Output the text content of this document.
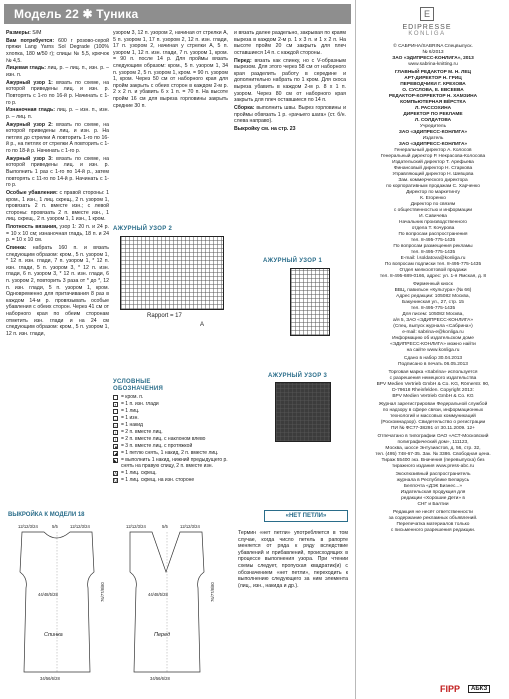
Модель 22 ✱ Туника

Размеры: S/M

Вам потребуется: 600 г розово-серой пряжи Lang Yarns Sol Degrade (100% хлопка, 180 м/50 г); спицы № 5,5, крючок № 4,5.

Лицевая гладь: лиц. р. – лиц. п., изн. р. – изн. п.

Ажурный узор 1: вязать по схеме, на которой приведены лиц. и изн. р. Повторять с 1-го по 16-й р. Начинать с 1-го р.

Изнаночная гладь: лиц. р. – изн. п., изн. р. – лиц. п.

Ажурный узор 2: вязать по схеме, на которой приведены лиц. и изн. р. На петлях до стрелки А повторить 1-го по 16-й р., на петлях от стрелки А повторить с 1-го по 18-й р. Начинать с 1-го р.

Ажурный узор 3: вязать по схеме, на которой приведены лиц. и изн. р. Выполнить 1 раз с 1-го по 14-й р., затем повторять с 11-го по 14-й р. Начинать с 1-го р.

Особые убавления: с правой стороны: 1 кром., 1 изн., 1 лиц. скрещ., 2 п. узором 1, провязать 2 п. вместе изн.; с левой стороны: провязать 2 п. вместе изн., 1 лиц. скрещ., 2 п. узором 1, 1 изн., 1 кром.

Плотность вязания, узор 1: 20 п. и 24 р. = 10 х 10 см; изнаночная гладь, 18 п. и 24 р. = 10 х 10 см.

Спинка: набрать 160 п. и вязать следующим образом: кром., 5 п. узором 1, * 12 п. изн. глади, 7 п. узором 1, * 12 п. изн. глади, 5 п. узором 3, * 12 п. изн. глади, 6 п. узором 3, * 12 п. изн. глади, 6 п. узором 2, повторить 3 раза от * до *, 12 п. изн. глади, 5 п. узором 1, кром. Одновременно для притачивания 8 раз в каждом 14-м р. провязывать особые убавления с обеих сторон. Через 41 см от наборного края по обеим сторонам отметить изн. глади и на 24 см следующим образом: кром., 5 п. узором 1, 12 п. изн. глади,

узором 3, 12 п. узором 2, начиная от стрелки А, 5 п. узором 1, 17 п. узором 2, 12 п. изн. глади, 17 п. узором 2, начиная у стрелки А, 5 п. узором 1, 12 п. изн. глади, 7 п. узором 1, кром. = 90 п. после 14 р. Для проймы вязать следующим образом: кром., 5 п. узором 1, 34 п. узором 2, 5 п. узором 1, кром. = 90 п. узором 1, кром. Через 50 см от наборного края для пройм закрыть с обеих сторон в каждом 2-м р. 2 х 2 п. и убавить 6 х 1 п. = 70 п. На высоте пройм 16 см для выреза горловины закрыть средние 30 п.

и вязать далее раздельно, закрывая по краям выреза в каждом 2-м р. 1 х 3 п. и 1 х 2 п. На высоте пройм 20 см закрыть для плеч оставшиеся 14 п. с каждой стороны.

Перед: вязать как спинку, но с V-образным вырезом. Для этого через 58 см от наборного края разделить работу в середине и дополнительно набрать по 1 кром. Для скоса выреза убавить в каждом 2-м р. 8 х 1 п. узором. Через 80 см от наборного края закрыть для плеч оставшиеся по 14 п.

Сборка: выполнить швы. Вырез горловины и проймы обвязать 1 р. «рачьего шага» (ст. б/н. слева направо).

Выкройку см. на стр. 23

АЖУРНЫЙ УЗОР 2
Rapport = 17
A
АЖУРНЫЙ УЗОР 1
АЖУРНЫЙ УЗОР 3
УСЛОВНЫЕ ОБОЗНАЧЕНИЯ
= кром. п.
▪ = 1 п. изн. глади
= 1 лиц.
– = 1 изн.
○ = 1 накид
/ = 2 п. вместе лиц.
\ = 2 п. вместе лиц. с наклоном влево
▲ = 3 п. вместе лиц. с протяжкой
◢ = 1 петлю снять, 1 накид, 2 п. вместе лиц.
◣ = выполнить 1 накид, нижний предыдущего р. снять на правую спицу, 2 п. вместе изн.
⋀ = 1 лиц. скрещ.
⋁ = 1 лиц. скрещ. на изн. стороне
ВЫКРОЙКА К МОДЕЛИ 18
12/12/3/24	5/5	12/12/3/24	12/12/3/24	5/5	12/12/3/24
44/48/5/28	44/48/5/28
34/56/6/28	34/56/6/28
76/77/8/80	76/77/8/80
Спинка	Перед
«НЕТ ПЕТЛИ»
Термин «нет петли» употребляется в том случае, когда число петель в рапорте меняется от ряда к ряду вследствие убавлений и прибавлений, происходящих в процессе выполнения узора. При чтении схемы следует, пропуская квадратик(и) с обозначением «нет петли», переходить к выполнению следующего за ним элемента (лиц., изн., накида и др.).
E
EDIPRESSE
KONLIGA

© САБРИНА/SABRINA Спецвыпуск.

№ 6/2013

ЗАО «ЭДИПРЕСС-КОНЛИГА», 2013

www.sabrina-knitting.ru

ГЛАВНЫЙ РЕДАКТОР М. Н. ЛЕЦ

АРТ-ДИРЕКТОР Н. ГРИЦ

ПЕРЕВОДЧИКИ Г. КРЕХОВА

О. СУСЛОВА, Е. ЕВСЕЕВА

РЕДАКТОР-КОРРЕКТОР Н. ХАМЗИНА

КОМПЬЮТЕРНАЯ ВЁРСТКА

Л. РАССОХИНА

ДИРЕКТОР ПО РЕКЛАМЕ

Л. СОЛДАТОВА

Учредитель

ЗАО «ЭДИПРЕСС-КОНЛИГА»

Издатель

ЗАО «ЭДИПРЕСС-КОНЛИГА»

Генеральный директор А. Колосов

Генеральный директор Р. Некрасова-Колосова

Издательский директор Т. Арефьева

Финансовый директор Н. Старкова

Управляющий директор Н. Шевцова

Зам. коммерческого директора

по корпоративным продажам С. Харченко

Директор по маркетингу

К. Егоренко

Директор по связям

с общественностью и информации

И. Савичева

Начальник производственного

отдела Т. Кочурова

По вопросам распространения

тел. 8-495-775-1435

По вопросам размещения рекламы

тел. 8-495-775-1435

E-mail: l.soldatova@konliga.ru

По вопросам подписки тел. 8-495-775-1435

Отдел мелкооптовой продажи

тел. 8-495-689-0166, адрес: ул. 1-я Ямская, д. 8

Фирменный киоск

ВВЦ, павильон «Культура» (№ 66)

Адрес редакции: 105082 Москва,

Бакунинская ул., 27, стр. 15

тел. 8-495-775-1435

Для писем: 105082 Москва,

а/я 5, ЗАО «ЭДИПРЕСС-КОНЛИГА»

(Спец. выпуск журнала «Сабрина»)

e-mail: sabrina-e@konliga.ru

Информацию об издательском доме

«ЭДИПРЕСС-КОНЛИГА» можно найти

на сайте www.konliga.ru

Сдано в набор 30.04.2013

Подписано в печать 06.05.2013

Торговая марка «Sabrina» используется

с разрешения немецкого издательства

BPV Medien Vertrieb GmbH & Co. KG, Römerstr. 90,

D-79618 Rheinfelden. Copyright 2013:

BPV Medien Vertrieb GmbH & Co. KG

Журнал зарегистрирован Федеральной службой

по надзору в сфере связи, информационных

технологий и массовых коммуникаций

(Роскомнадзор). Свидетельство о регистрации

ПИ № ФС77-38291 от 30.11.2009. 12+

Отпечатано в типографии ОАО «АСТ-Московский

полиграфический дом», 111123,

Москва, шоссе Энтузиастов, д. 56, стр. 32,

тел. (495) 748-67-35. Зак. № 3386. Свободная цена.

Тираж 55400 экз. Вначения (перевыпуска) без

тиражного издания www.press-abc.ru

Эксклюзивный распространитель

журнала в Республике Беларусь

Белпочта «ДЭК Бизнеc...»

Издательская продукция для

редакции «Хорошие Дети» в

СНГ и Балтии

Редакция не несёт ответственности

за содержание рекламных объявлений.

Перепечатка материалов только

с письменного разрешения редакции.

FIPP	АБКЗ
